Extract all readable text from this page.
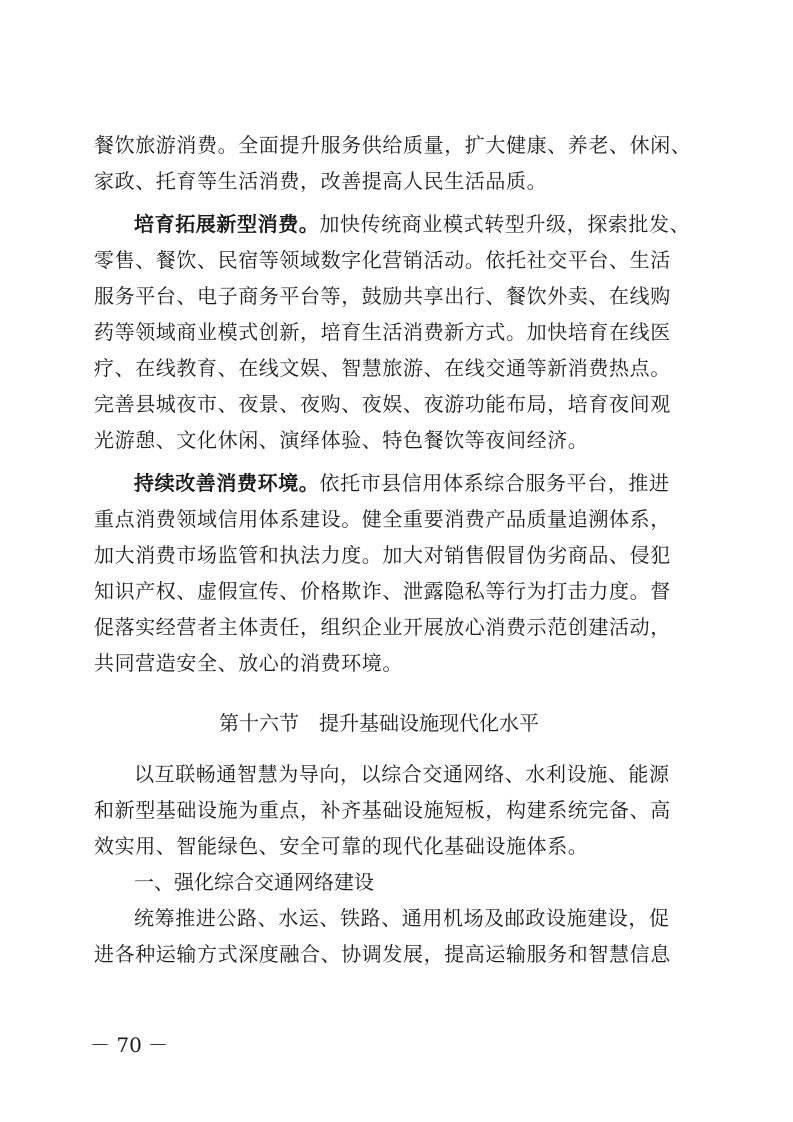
餐饮旅游消费。全面提升服务供给质量，扩大健康、养老、休闲、
家政、托育等生活消费，改善提高人民生活品质。
培育拓展新型消费。加快传统商业模式转型升级，探索批发、
零售、餐饮、民宿等领域数字化营销活动。依托社交平台、生活
服务平台、电子商务平台等，鼓励共享出行、餐饮外卖、在线购
药等领域商业模式创新，培育生活消费新方式。加快培育在线医
疗、在线教育、在线文娱、智慧旅游、在线交通等新消费热点。
完善县城夜市、夜景、夜购、夜娱、夜游功能布局，培育夜间观
光游憩、文化休闲、演绎体验、特色餐饮等夜间经济。
持续改善消费环境。依托市县信用体系综合服务平台，推进
重点消费领域信用体系建设。健全重要消费产品质量追溯体系，
加大消费市场监管和执法力度。加大对销售假冒伪劣商品、侵犯
知识产权、虚假宣传、价格欺诈、泄露隐私等行为打击力度。督
促落实经营者主体责任，组织企业开展放心消费示范创建活动，
共同营造安全、放心的消费环境。
第十六节　提升基础设施现代化水平
以互联畅通智慧为导向，以综合交通网络、水利设施、能源
和新型基础设施为重点，补齐基础设施短板，构建系统完备、高
效实用、智能绿色、安全可靠的现代化基础设施体系。
一、强化综合交通网络建设
统筹推进公路、水运、铁路、通用机场及邮政设施建设，促
进各种运输方式深度融合、协调发展，提高运输服务和智慧信息
－ 70 －
